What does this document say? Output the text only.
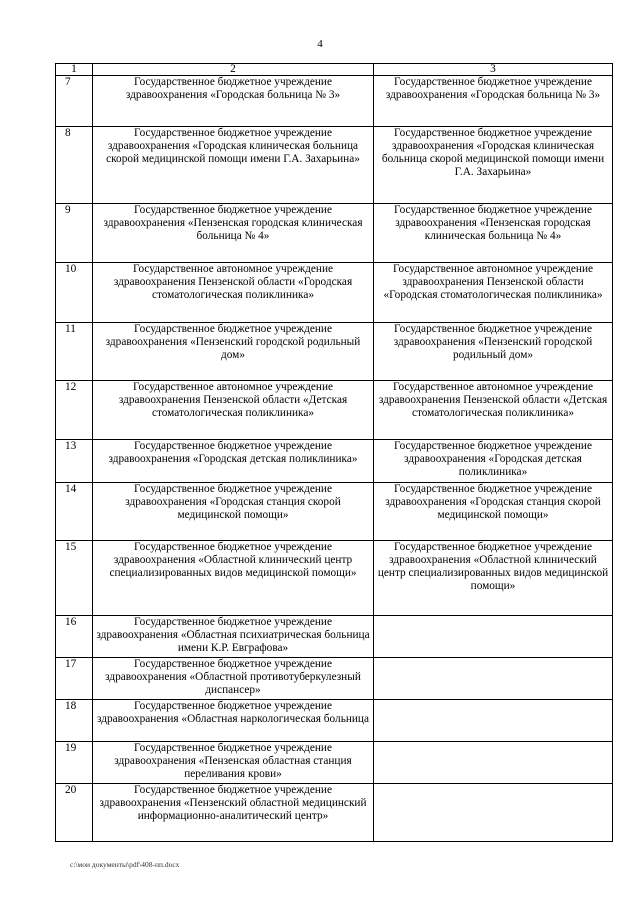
4
1	2	3
7	Государственное бюджетное учреждение здравоохранения «Городская больница № 3»	Государственное бюджетное учреждение здравоохранения «Городская больница № 3»
8	Государственное бюджетное учреждение здравоохранения «Городская клиническая больница скорой медицинской помощи имени Г.А. Захарьина»	Государственное бюджетное учреждение здравоохранения «Городская клиническая больница скорой медицинской помощи имени Г.А. Захарьина»
9	Государственное бюджетное учреждение здравоохранения «Пензенская городская клиническая больница № 4»	Государственное бюджетное учреждение здравоохранения «Пензенская городская клиническая больница № 4»
10	Государственное автономное учреждение здравоохранения Пензенской области «Городская стоматологическая поликлиника»	Государственное автономное учреждение здравоохранения Пензенской области «Городская стоматологическая поликлиника»
11	Государственное бюджетное учреждение здравоохранения «Пензенский городской родильный дом»	Государственное бюджетное учреждение здравоохранения «Пензенский городской родильный дом»
12	Государственное автономное учреждение здравоохранения Пензенской области «Детская стоматологическая поликлиника»	Государственное автономное учреждение здравоохранения Пензенской области «Детская стоматологическая поликлиника»
13	Государственное бюджетное учреждение здравоохранения «Городская детская поликлиника»	Государственное бюджетное учреждение здравоохранения «Городская детская поликлиника»
14	Государственное бюджетное учреждение здравоохранения «Городская станция скорой медицинской помощи»	Государственное бюджетное учреждение здравоохранения «Городская станция скорой медицинской помощи»
15	Государственное бюджетное учреждение здравоохранения «Областной клинический центр специализированных видов медицинской помощи»	Государственное бюджетное учреждение здравоохранения «Областной клинический центр специализированных видов медицинской помощи»
16	Государственное бюджетное учреждение здравоохранения «Областная психиатрическая больница имени К.Р. Евграфова»	
17	Государственное бюджетное учреждение здравоохранения «Областной противотуберкулезный диспансер»	
18	Государственное бюджетное учреждение здравоохранения «Областная наркологическая больница	
19	Государственное бюджетное учреждение здравоохранения «Пензенская областная станция переливания крови»	
20	Государственное бюджетное учреждение здравоохранения «Пензенский областной медицинский информационно-аналитический центр»	
c:\мои документы\pdf\408-пп.docx
